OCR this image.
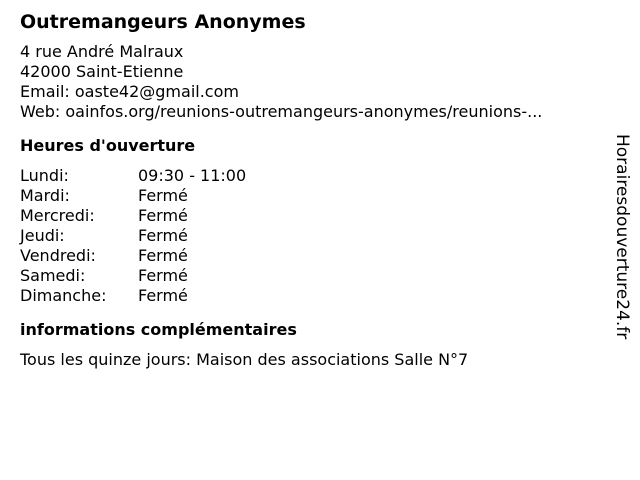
Outremangeurs Anonymes
4 rue André Malraux
42000 Saint-Etienne
Email: oaste42@gmail.com
Web: oainfos.org/reunions-outremangeurs-anonymes/reunions-...
Heures d'ouverture
Lundi:	09:30 - 11:00
Mardi:	Fermé
Mercredi:	Fermé
Jeudi:	Fermé
Vendredi:	Fermé
Samedi:	Fermé
Dimanche:	Fermé
informations complémentaires
Tous les quinze jours: Maison des associations Salle N°7
Horairesdouverture24.fr
